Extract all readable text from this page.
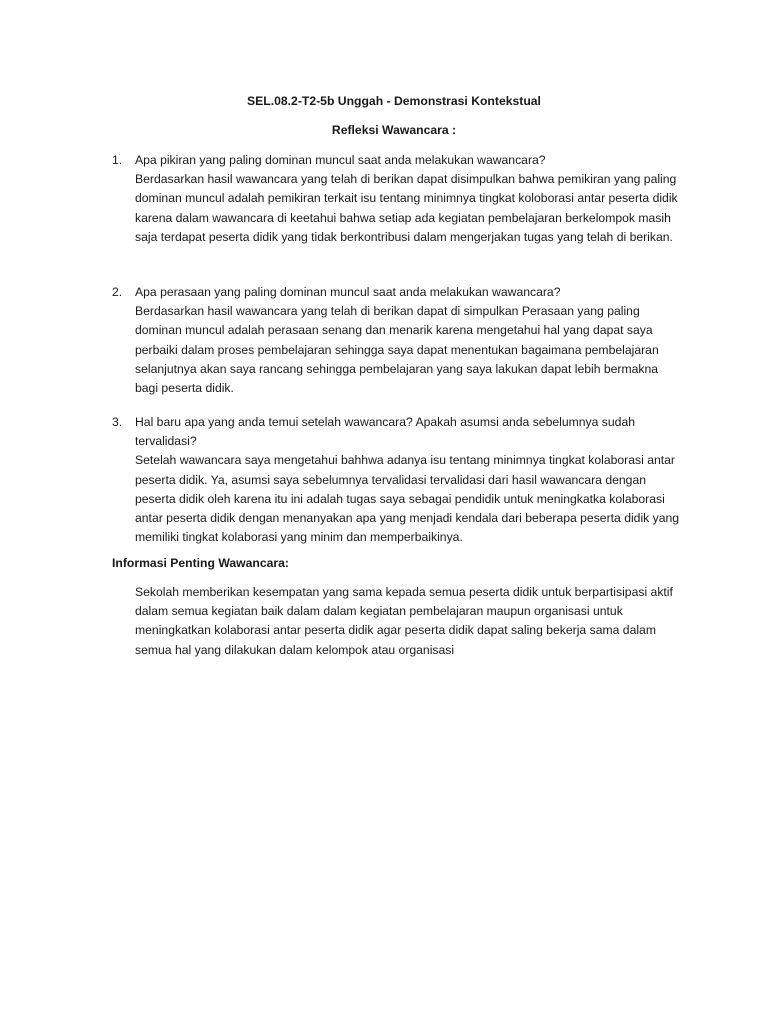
SEL.08.2-T2-5b Unggah - Demonstrasi Kontekstual
Refleksi Wawancara :
1. Apa pikiran yang paling dominan muncul saat anda melakukan wawancara?
Berdasarkan hasil wawancara yang telah di berikan dapat disimpulkan bahwa pemikiran yang paling dominan muncul adalah pemikiran terkait isu tentang minimnya tingkat koloborasi antar peserta didik karena dalam wawancara di keetahui bahwa setiap ada kegiatan pembelajaran berkelompok masih saja terdapat peserta didik yang tidak berkontribusi dalam mengerjakan tugas yang telah di berikan.
2. Apa perasaan yang paling dominan muncul saat anda melakukan wawancara?
Berdasarkan hasil wawancara yang telah di berikan dapat di simpulkan Perasaan yang paling dominan muncul adalah perasaan senang dan menarik karena mengetahui hal yang dapat saya perbaiki dalam proses pembelajaran sehingga saya dapat menentukan bagaimana pembelajaran selanjutnya akan saya rancang sehingga pembelajaran yang saya lakukan dapat lebih bermakna bagi peserta didik.
3. Hal baru apa yang anda temui setelah wawancara? Apakah asumsi anda sebelumnya sudah tervalidasi?
Setelah wawancara saya mengetahui bahhwa adanya isu tentang minimnya tingkat kolaborasi antar peserta didik. Ya, asumsi saya sebelumnya tervalidasi tervalidasi dari hasil wawancara dengan peserta didik oleh karena itu ini adalah tugas saya sebagai pendidik untuk meningkatka kolaborasi antar peserta didik dengan menanyakan apa yang menjadi kendala dari beberapa peserta didik yang memiliki tingkat kolaborasi yang minim dan memperbaikinya.
Informasi Penting Wawancara:
Sekolah memberikan kesempatan yang sama kepada semua peserta didik untuk berpartisipasi aktif dalam semua kegiatan baik dalam dalam kegiatan pembelajaran maupun organisasi untuk meningkatkan kolaborasi antar peserta didik agar peserta didik dapat saling bekerja sama dalam semua hal yang dilakukan dalam kelompok atau organisasi
